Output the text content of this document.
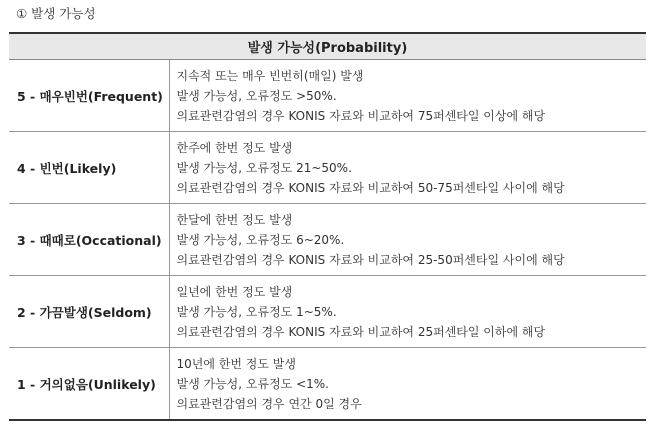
① 발생 가능성
발생 가능성(Probability)	
5 - 매우빈번(Frequent)	지속적 또는 매우 빈번히(매일) 발생
발생 가능성, 오류정도 >50%.
의료관련감염의 경우 KONIS 자료와 비교하여 75퍼센타일 이상에 해당

4 - 빈번(Likely)	한주에 한번 정도 발생
발생 가능성, 오류정도 21~50%.
의료관련감염의 경우 KONIS 자료와 비교하여 50-75퍼센타일 사이에 해당

3 - 때때로(Occational)	한달에 한번 정도 발생
발생 가능성, 오류정도 6~20%.
의료관련감염의 경우 KONIS 자료와 비교하여 25-50퍼센타일 사이에 해당

2 - 가끔발생(Seldom)	일년에 한번 정도 발생
발생 가능성, 오류정도 1~5%.
의료관련감염의 경우 KONIS 자료와 비교하여 25퍼센타일 이하에 해당

1 - 거의없음(Unlikely)	10년에 한번 정도 발생
발생 가능성, 오류정도 <1%.
의료관련감염의 경우 연간 0일 경우
